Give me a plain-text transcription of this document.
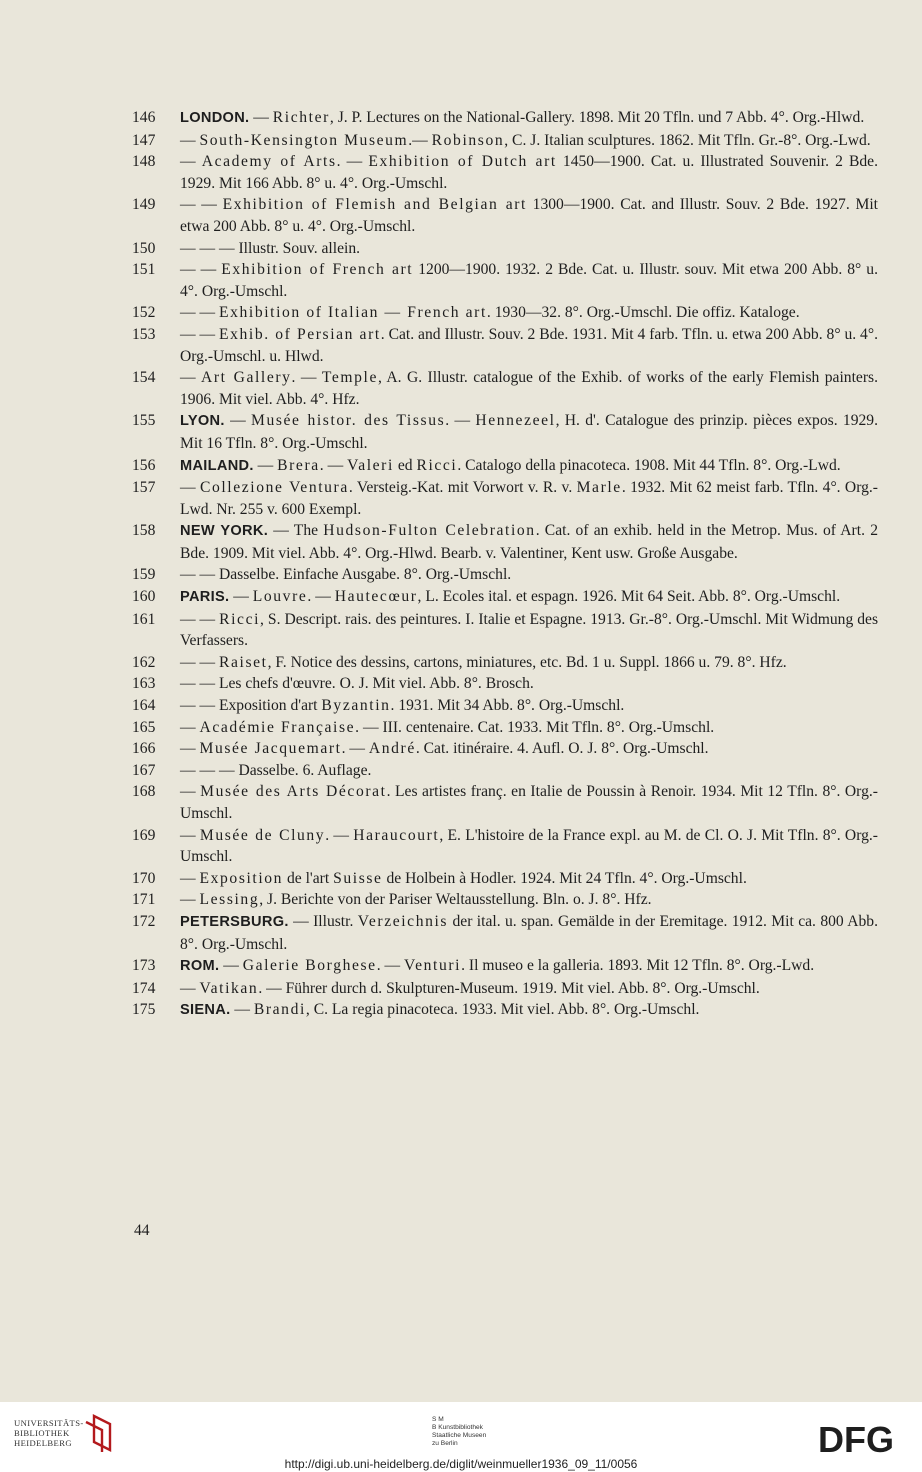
146 LONDON. — Richter, J. P. Lectures on the National-Gallery. 1898. Mit 20 Tfln. und 7 Abb. 4°. Org.-Hlwd.
147 — South-Kensington Museum.— Robinson, C. J. Italian sculptures. 1862. Mit Tfln. Gr.-8°. Org.-Lwd.
148 — Academy of Arts. — Exhibition of Dutch art 1450—1900. Cat. u. Illustrated Souvenir. 2 Bde. 1929. Mit 166 Abb. 8° u. 4°. Org.-Umschl.
149 — — Exhibition of Flemish and Belgian art 1300—1900. Cat. and Illustr. Souv. 2 Bde. 1927. Mit etwa 200 Abb. 8° u. 4°. Org.-Umschl.
150 — — — Illustr. Souv. allein.
151 — — Exhibition of French art 1200—1900. 1932. 2 Bde. Cat. u. Illustr. souv. Mit etwa 200 Abb. 8° u. 4°. Org.-Umschl.
152 — — Exhibition of Italian — French art. 1930—32. 8°. Org.-Umschl. Die offiz. Kataloge.
153 — — Exhib. of Persian art. Cat. and Illustr. Souv. 2 Bde. 1931. Mit 4 farb. Tfln. u. etwa 200 Abb. 8° u. 4°. Org.-Umschl. u. Hlwd.
154 — Art Gallery. — Temple, A. G. Illustr. catalogue of the Exhib. of works of the early Flemish painters. 1906. Mit viel. Abb. 4°. Hfz.
155 LYON. — Musée histor. des Tissus. — Hennezeel, H. d'. Catalogue des prinzip. pièces expos. 1929. Mit 16 Tfln. 8°. Org.-Umschl.
156 MAILAND. — Brera. — Valeri ed Ricci. Catalogo della pinacoteca. 1908. Mit 44 Tfln. 8°. Org.-Lwd.
157 — Collezione Ventura. Versteig.-Kat. mit Vorwort v. R. v. Marle. 1932. Mit 62 meist farb. Tfln. 4°. Org.-Lwd. Nr. 255 v. 600 Exempl.
158 NEW YORK. — The Hudson-Fulton Celebration. Cat. of an exhib. held in the Metrop. Mus. of Art. 2 Bde. 1909. Mit viel. Abb. 4°. Org.-Hlwd. Bearb. v. Valentiner, Kent usw. Große Ausgabe.
159 — — Dasselbe. Einfache Ausgabe. 8°. Org.-Umschl.
160 PARIS. — Louvre. — Hautecœur, L. Ecoles ital. et espagn. 1926. Mit 64 Seit. Abb. 8°. Org.-Umschl.
161 — — Ricci, S. Descript. rais. des peintures. I. Italie et Espagne. 1913. Gr.-8°. Org.-Umschl. Mit Widmung des Verfassers.
162 — — Raiset, F. Notice des dessins, cartons, miniatures, etc. Bd. 1 u. Suppl. 1866 u. 79. 8°. Hfz.
163 — — Les chefs d'œuvre. O. J. Mit viel. Abb. 8°. Brosch.
164 — — Exposition d'art Byzantin. 1931. Mit 34 Abb. 8°. Org.-Umschl.
165 — Académie Française. — III. centenaire. Cat. 1933. Mit Tfln. 8°. Org.-Umschl.
166 — Musée Jacquemart. — André. Cat. itinéraire. 4. Aufl. O. J. 8°. Org.-Umschl.
167 — — — Dasselbe. 6. Auflage.
168 — Musée des Arts Décorat. Les artistes franç. en Italie de Poussin à Renoir. 1934. Mit 12 Tfln. 8°. Org.-Umschl.
169 — Musée de Cluny. — Haraucourt, E. L'histoire de la France expl. au M. de Cl. O. J. Mit Tfln. 8°. Org.-Umschl.
170 — Exposition de l'art Suisse de Holbein à Hodler. 1924. Mit 24 Tfln. 4°. Org.-Umschl.
171 — Lessing, J. Berichte von der Pariser Weltausstellung. Bln. o. J. 8°. Hfz.
172 PETERSBURG. — Illustr. Verzeichnis der ital. u. span. Gemälde in der Eremitage. 1912. Mit ca. 800 Abb. 8°. Org.-Umschl.
173 ROM. — Galerie Borghese. — Venturi. Il museo e la galleria. 1893. Mit 12 Tfln. 8°. Org.-Lwd.
174 — Vatikan. — Führer durch d. Skulpturen-Museum. 1919. Mit viel. Abb. 8°. Org.-Umschl.
175 SIENA. — Brandi, C. La regia pinacoteca. 1933. Mit viel. Abb. 8°. Org.-Umschl.
44
UNIVERSITÄTS-
BIBLIOTHEK
HEIDELBERG
S M
B Kunstbibliothek
Staatliche Museen
zu Berlin	DFG
http://digi.ub.uni-heidelberg.de/diglit/weinmueller1936_09_11/0056
